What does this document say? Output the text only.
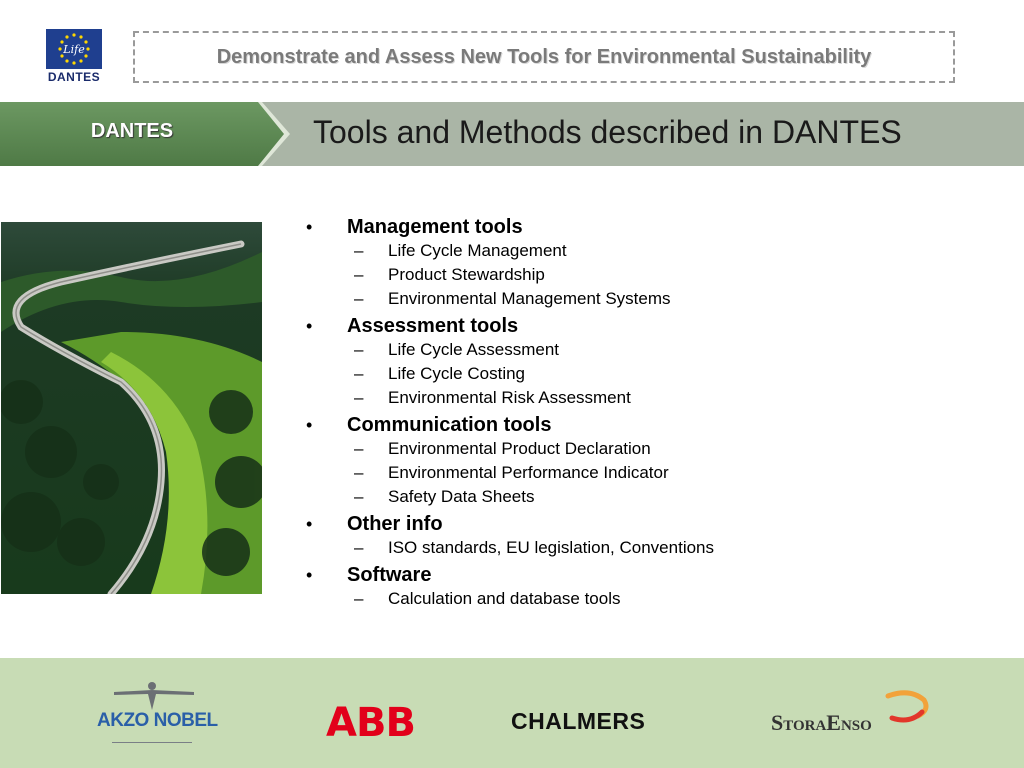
Life
DANTES
Demonstrate and Assess New Tools for Environmental Sustainability
DANTES	Tools and Methods described in DANTES
•	Management tools
–	Life Cycle Management
–	Product Stewardship
–	Environmental Management Systems
•	Assessment tools
–	Life Cycle Assessment
–	Life Cycle Costing
–	Environmental Risk Assessment
•	Communication tools
–	Environmental Product Declaration
–	Environmental Performance Indicator
–	Safety Data Sheets
•	Other info
–	ISO standards, EU legislation, Conventions
•	Software
–	Calculation and database tools
AKZO NOBEL	ABB	CHALMERS	StoraEnso
